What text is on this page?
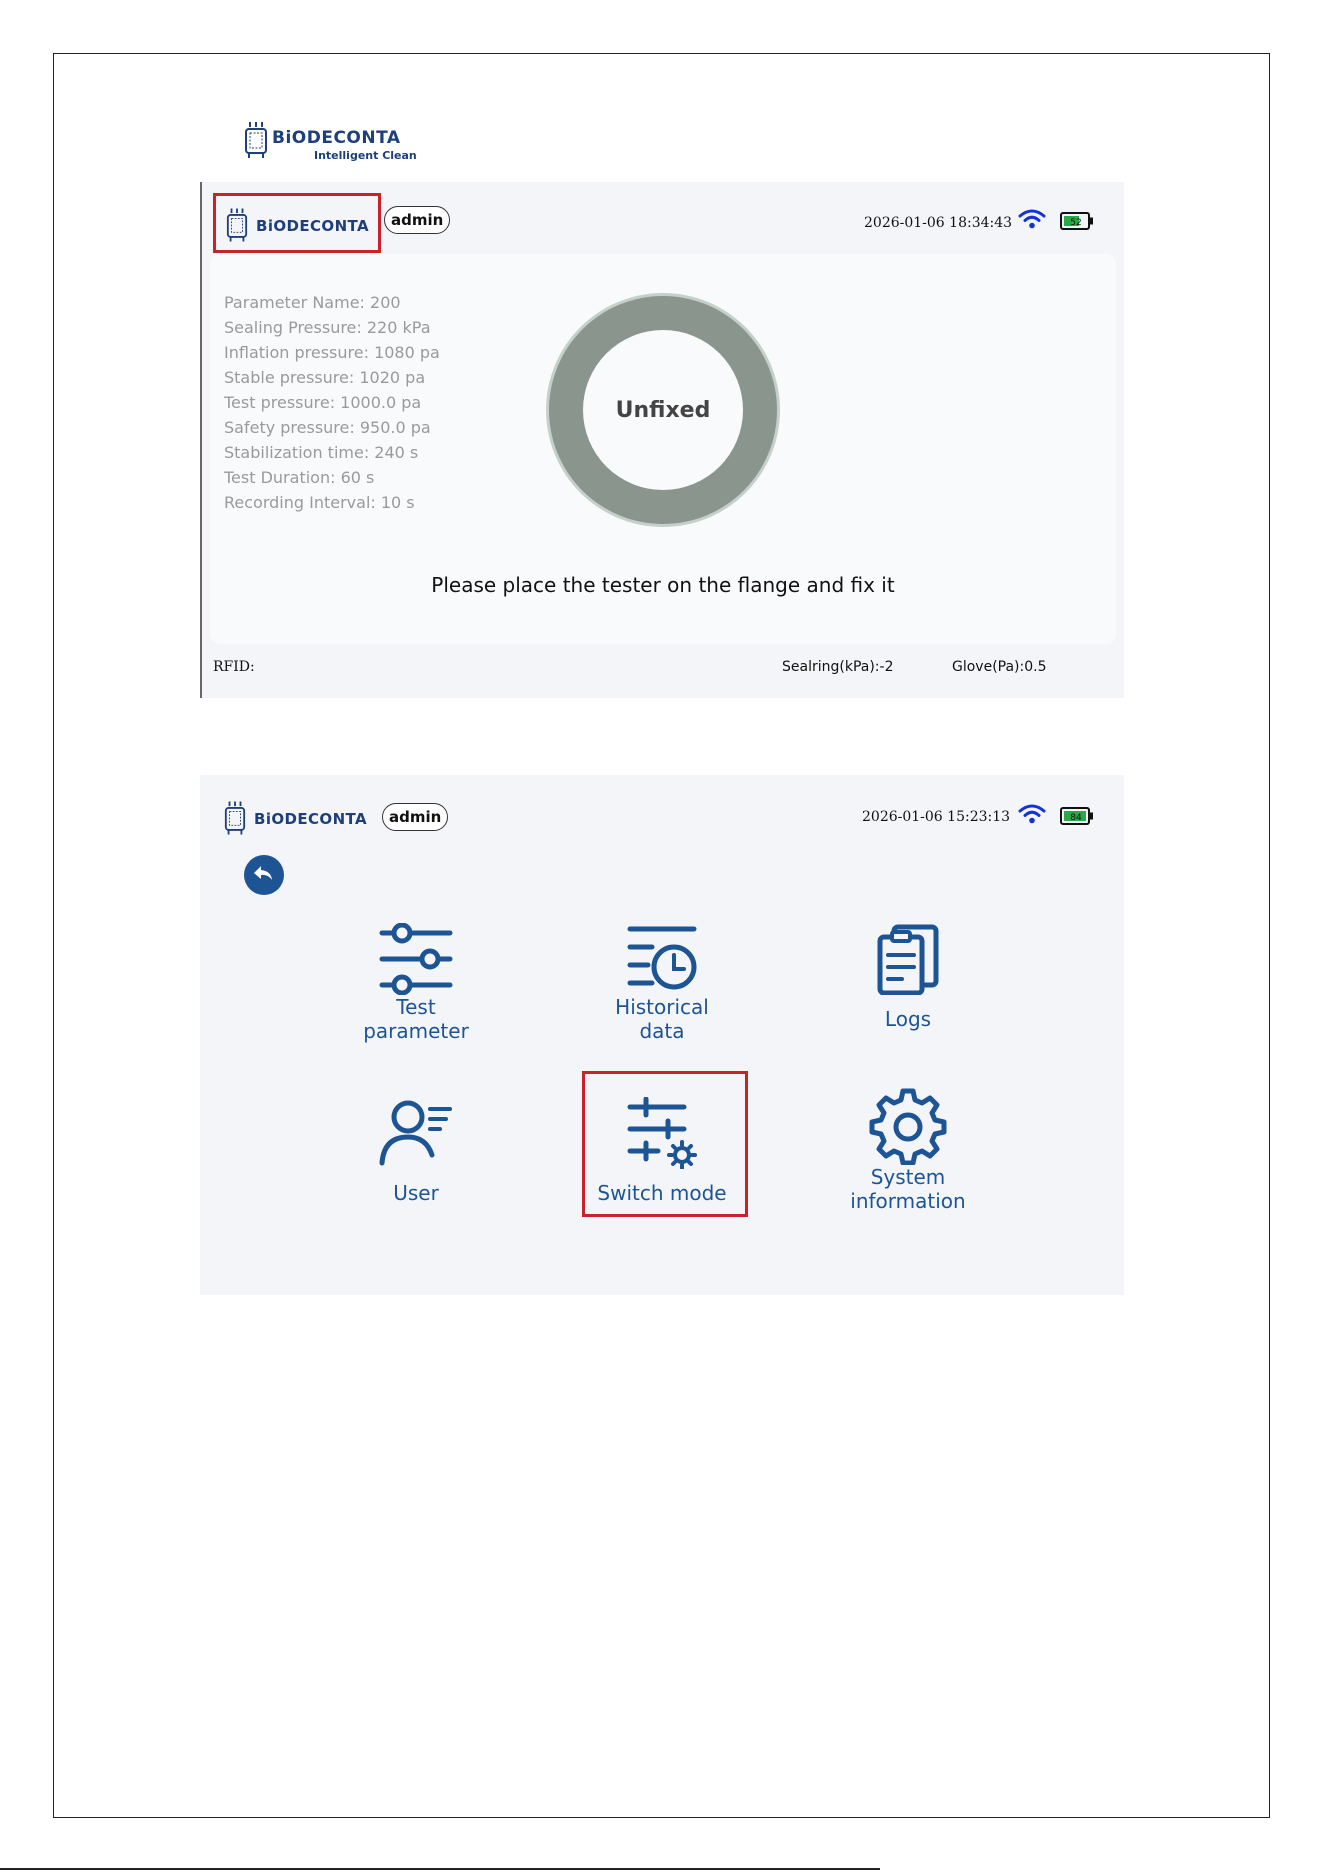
BiODECONTA
Intelligent Clean
BiODECONTA	admin	2026-01-06 18:34:43	52
Parameter Name: 200
Sealing Pressure: 220 kPa
Inflation pressure: 1080 pa
Stable pressure: 1020 pa
Test pressure: 1000.0 pa
Safety pressure: 950.0 pa
Stabilization time: 240 s
Test Duration: 60 s
Recording Interval: 10 s
Unfixed
Please place the tester on the flange and fix it
RFID:	Sealring(kPa):-2	Glove(Pa):0.5
BiODECONTA	admin	2026-01-06 15:23:13	84
Test
parameter
Historical
data	Logs
User	Switch mode
System
information
